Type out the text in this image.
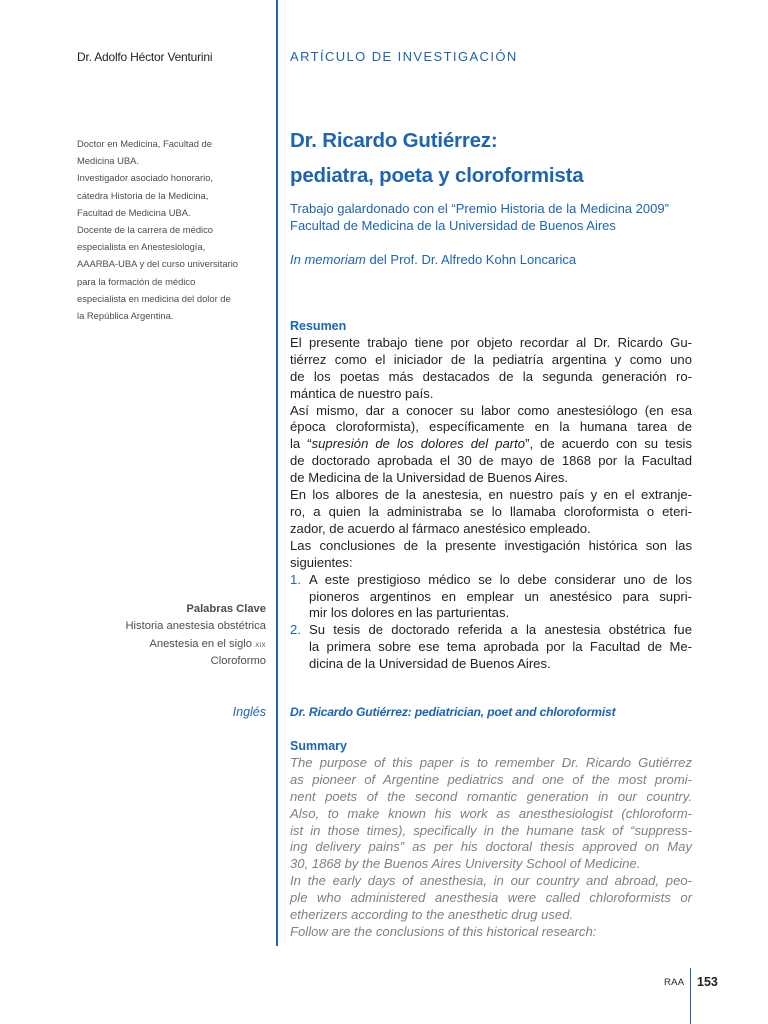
Dr. Adolfo Héctor Venturini	ARTÍCULO DE INVESTIGACIÓN
Doctor en Medicina, Facultad de
Medicina UBA.
Investigador asociado honorario,
cátedra Historia de la Medicina,
Facultad de Medicina UBA.
Docente de la carrera de médico
especialista en Anestesiología,
AAARBA-UBA y del curso universitario
para la formación de médico
especialista en medicina del dolor de
la República Argentina.
Dr. Ricardo Gutiérrez:
pediatra, poeta y cloroformista
Trabajo galardonado con el “Premio Historia de la Medicina 2009”
Facultad de Medicina de la Universidad de Buenos Aires
In memoriam del Prof. Dr. Alfredo Kohn Loncarica
Palabras Clave
Historia anestesia obstétrica
Anestesia en el siglo xix
Cloroformo
Resumen
El presente trabajo tiene por objeto recordar al Dr. Ricardo Gu-
tiérrez como el iniciador de la pediatría argentina y como uno
de los poetas más destacados de la segunda generación ro-
mántica de nuestro país.
Así mismo, dar a conocer su labor como anestesiólogo (en esa
época cloroformista), específicamente en la humana tarea de
la “supresión de los dolores del parto”, de acuerdo con su tesis
de doctorado aprobada el 30 de mayo de 1868 por la Facultad
de Medicina de la Universidad de Buenos Aires.
En los albores de la anestesia, en nuestro país y en el extranje-
ro, a quien la administraba se lo llamaba cloroformista o eteri-
zador, de acuerdo al fármaco anestésico empleado.
Las conclusiones de la presente investigación histórica son las
siguientes:
1. A este prestigioso médico se lo debe considerar uno de los
pioneros argentinos en emplear un anestésico para supri-
mir los dolores en las parturientas.
2. Su tesis de doctorado referida a la anestesia obstétrica fue
la primera sobre ese tema aprobada por la Facultad de Me-
dicina de la Universidad de Buenos Aires.
Inglés Dr. Ricardo Gutiérrez: pediatrician, poet and chloroformist
Summary
The purpose of this paper is to remember Dr. Ricardo Gutiérrez
as pioneer of Argentine pediatrics and one of the most promi-
nent poets of the second romantic generation in our country.
Also, to make known his work as anesthesiologist (chloroform-
ist in those times), specifically in the humane task of “suppress-
ing delivery pains” as per his doctoral thesis approved on May
30, 1868 by the Buenos Aires University School of Medicine.
In the early days of anesthesia, in our country and abroad, peo-
ple who administered anesthesia were called chloroformists or
etherizers according to the anesthetic drug used.
Follow are the conclusions of this historical research:
RAA 153
